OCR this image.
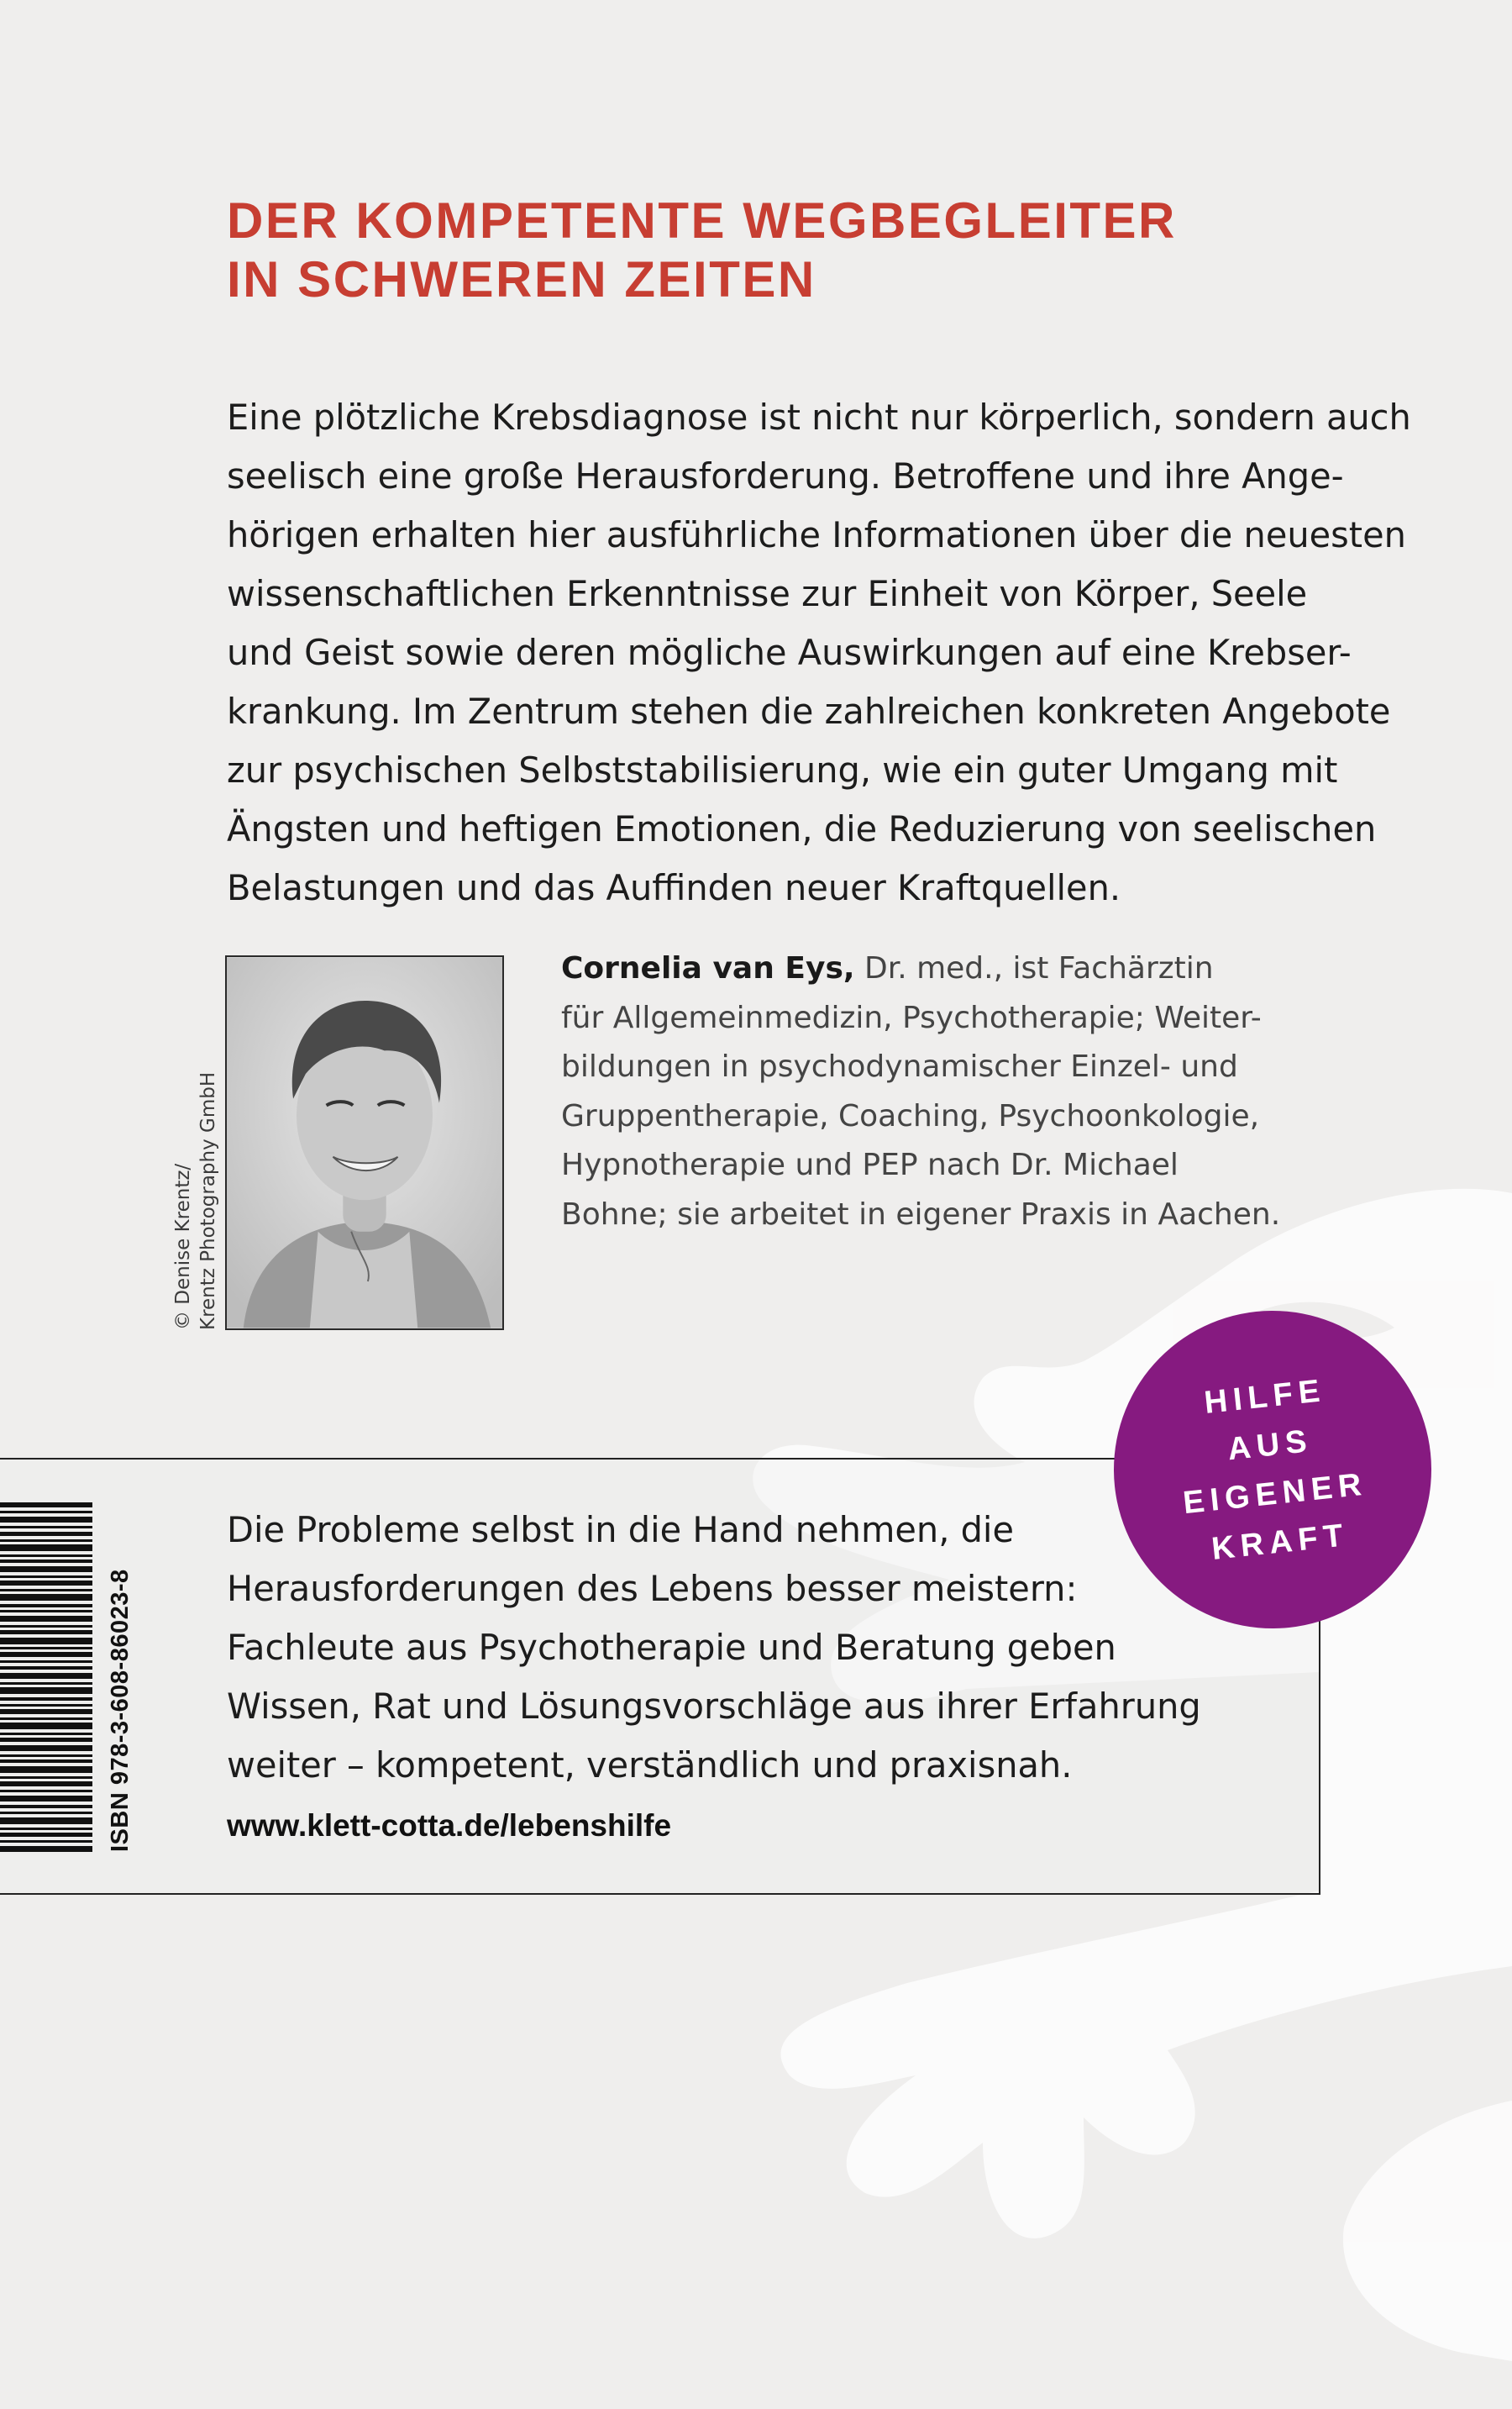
DER KOMPETENTE WEGBEGLEITER
IN SCHWEREN ZEITEN
Eine plötzliche Krebsdiagnose ist nicht nur körperlich, sondern auch
seelisch eine große Herausforderung. Betroffene und ihre Ange-
hörigen erhalten hier ausführliche Informationen über die neuesten
wissenschaftlichen Erkenntnisse zur Einheit von Körper, Seele
und Geist sowie deren mögliche Auswirkungen auf eine Krebser-
krankung. Im Zentrum stehen die zahlreichen konkreten Angebote
zur psychischen Selbststabilisierung, wie ein guter Umgang mit
Ängsten und heftigen Emotionen, die Reduzierung von seelischen
Belastungen und das Auffinden neuer Kraftquellen.
© Denise Krentz/ Krentz Photography GmbH
Cornelia van Eys, Dr. med., ist Fachärztin
für Allgemeinmedizin, Psychotherapie; Weiter-
bildungen in psychodynamischer Einzel- und
Gruppentherapie, Coaching, Psychoonkologie,
Hypnotherapie und PEP nach Dr. Michael
Bohne; sie arbeitet in eigener Praxis in Aachen.
ISBN 978-3-608-86023-8
Die Probleme selbst in die Hand nehmen, die
Herausforderungen des Lebens besser meistern:
Fachleute aus Psychotherapie und Beratung geben
Wissen, Rat und Lösungsvorschläge aus ihrer Erfahrung
weiter – kompetent, verständlich und praxisnah.
www.klett-cotta.de/lebenshilfe
HILFE
AUS
EIGENER
KRAFT
